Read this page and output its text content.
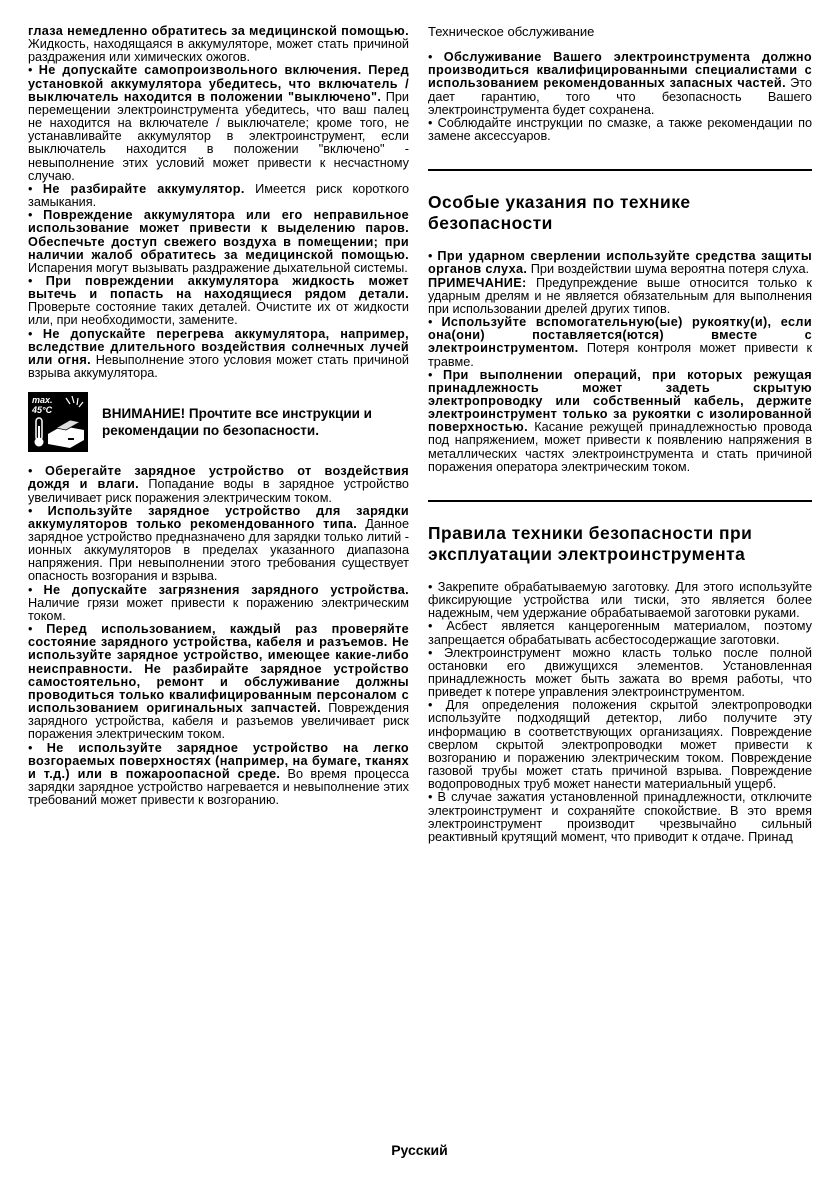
глаза немедленно обратитесь за медицинской помощью. Жидкость, находящаяся в аккумуляторе, может стать причиной раздражения или химических ожогов.

• Не допускайте самопроизвольного включения. Перед установкой аккумулятора убедитесь, что включатель / выключатель находится в положении "выключено". При перемещении электроинструмента убедитесь, что ваш палец не находится на включателе / выключателе; кроме того, не устанавливайте аккумулятор в электроинструмент, если выключатель находится в положении "включено" - невыполнение этих условий может привести к несчастному случаю.

• Не разбирайте аккумулятор. Имеется риск короткого замыкания.

• Повреждение аккумулятора или его неправильное использование может привести к выделению паров. Обеспечьте доступ свежего воздуха в помещении; при наличии жалоб обратитесь за медицинской помощью. Испарения могут вызывать раздражение дыхательной системы.

• При повреждении аккумулятора жидкость может вытечь и попасть на находящиеся рядом детали. Проверьте состояние таких деталей. Очистите их от жидкости или, при необходимости, замените.

• Не допускайте перегрева аккумулятора, например, вследствие длительного воздействия солнечных лучей или огня. Невыполнение этого условия может стать причиной взрыва аккумулятора.

max.
45°C	ВНИМАНИЕ! Прочтите все инструкции и рекомендации по безопасности.

• Оберегайте зарядное устройство от воздействия дождя и влаги. Попадание воды в зарядное устройство увеличивает риск поражения электрическим током.

• Используйте зарядное устройство для зарядки аккумуляторов только рекомендованного типа. Данное зарядное устройство предназначено для зарядки только литий - ионных аккумуляторов в пределах указанного диапазона напряжения. При невыполнении этого требования существует опасность возгорания и взрыва.

• Не допускайте загрязнения зарядного устройства. Наличие грязи может привести к поражению электрическим током.

• Перед использованием, каждый раз проверяйте состояние зарядного устройства, кабеля и разъемов. Не используйте зарядное устройство, имеющее какие-либо неисправности. Не разбирайте зарядное устройство самостоятельно, ремонт и обслуживание должны проводиться только квалифицированным персоналом с использованием оригинальных запчастей. Повреждения зарядного устройства, кабеля и разъемов увеличивает риск поражения электрическим током.

• Не используйте зарядное устройство на легко возгораемых поверхностях (например, на бумаге, тканях и т.д.) или в пожароопасной среде. Во время процесса зарядки зарядное устройство нагревается и невыполнение этих требований может привести к возгоранию.

Техническое обслуживание

• Обслуживание Вашего электроинструмента должно производиться квалифицированными специалистами с использованием рекомендованных запасных частей. Это дает гарантию, того что безопасность Вашего электроинструмента будет сохранена.

• Соблюдайте инструкции по смазке, а также рекомендации по замене аксессуаров.

Особые указания по технике безопасности

• При ударном сверлении используйте средства защиты органов слуха. При воздействии шума вероятна потеря слуха.

ПРИМЕЧАНИЕ: Предупреждение выше относится только к ударным дрелям и не является обязательным для выполнения при использовании дрелей других типов.

• Используйте вспомогательную(ые) рукоятку(и), если она(они) поставляется(ются) вместе с электроинструментом. Потеря контроля может привести к травме.

• При выполнении операций, при которых режущая принадлежность может задеть скрытую электропроводку или собственный кабель, держите электроинструмент только за рукоятки с изолированной поверхностью. Касание режущей принадлежностью провода под напряжением, может привести к появлению напряжения в металлических частях электроинструмента и стать причиной поражения оператора электрическим током.

Правила техники безопасности при эксплуатации электроинструмента

• Закрепите обрабатываемую заготовку. Для этого используйте фиксирующие устройства или тиски, это является более надежным, чем удержание обрабатываемой заготовки руками.

• Асбест является канцерогенным материалом, поэтому запрещается обрабатывать асбестосодержащие заготовки.

• Электроинструмент можно класть только после полной остановки его движущихся элементов. Установленная принадлежность может быть зажата во время работы, что приведет к потере управления электроинструментом.

• Для определения положения скрытой электропроводки используйте подходящий детектор, либо получите эту информацию в соответствующих организациях. Повреждение сверлом скрытой электропроводки может привести к возгоранию и поражению электрическим током. Повреждение газовой трубы может стать причиной взрыва. Повреждение водопроводных труб может нанести материальный ущерб.

• В случае зажатия установленной принадлежности, отключите электроинструмент и сохраняйте спокойствие. В это время электроинструмент производит чрезвычайно сильный реактивный крутящий момент, что приводит к отдаче. Принад

Русский
